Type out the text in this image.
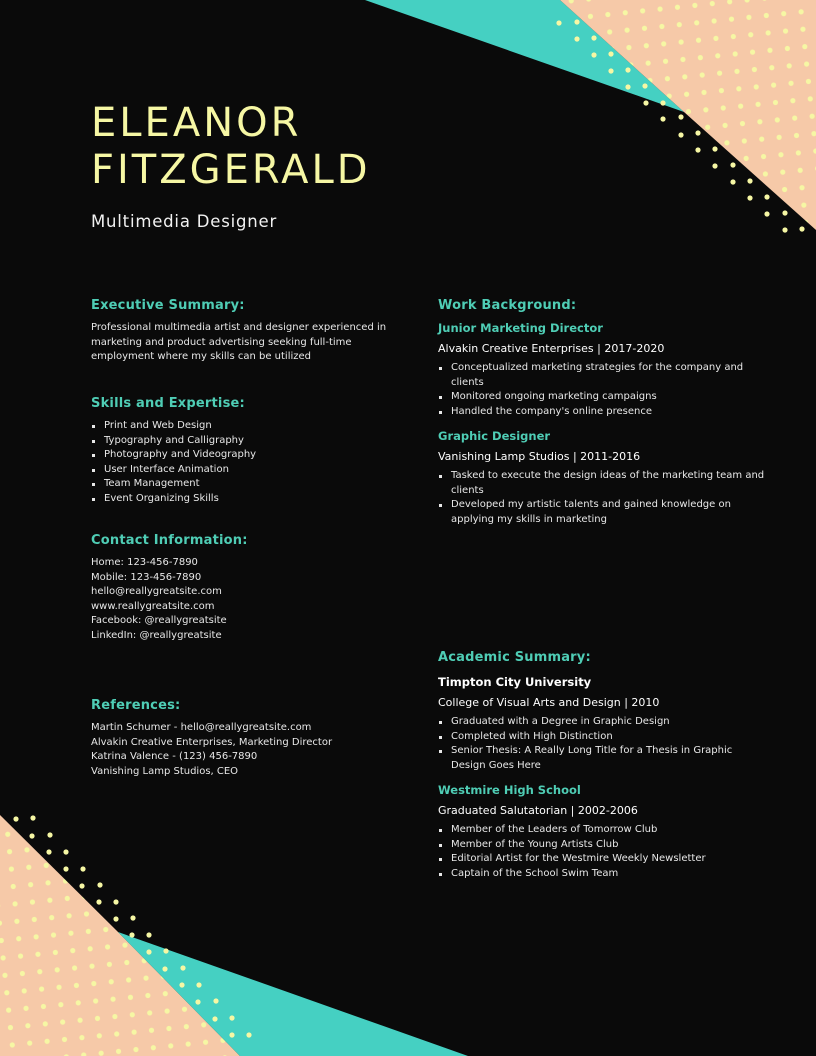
ELEANOR
FITZGERALD
Multimedia Designer
Executive Summary:

Professional multimedia artist and designer experienced in marketing and product advertising seeking full-time employment where my skills can be utilized

Skills and Expertise:
Print and Web Design
Typography and Calligraphy
Photography and Videography
User Interface Animation
Team Management
Event Organizing Skills
Contact Information:
Home: 123-456-7890
Mobile: 123-456-7890
hello@reallygreatsite.com
www.reallygreatsite.com
Facebook: @reallygreatsite
LinkedIn: @reallygreatsite
References:
Martin Schumer - hello@reallygreatsite.com
Alvakin Creative Enterprises, Marketing Director
Katrina Valence - (123) 456-7890
Vanishing Lamp Studios, CEO
Work Background:
Junior Marketing Director
Alvakin Creative Enterprises | 2017-2020
Conceptualized marketing strategies for the company and clients
Monitored ongoing marketing campaigns
Handled the company's online presence
Graphic Designer
Vanishing Lamp Studios | 2011-2016
Tasked to execute the design ideas of the marketing team and clients
Developed my artistic talents and gained knowledge on applying my skills in marketing
Academic Summary:
Timpton City University
College of Visual Arts and Design | 2010
Graduated with a Degree in Graphic Design
Completed with High Distinction
Senior Thesis: A Really Long Title for a Thesis in Graphic Design Goes Here
Westmire High School
Graduated Salutatorian | 2002-2006
Member of the Leaders of Tomorrow Club
Member of the Young Artists Club
Editorial Artist for the Westmire Weekly Newsletter
Captain of the School Swim Team
